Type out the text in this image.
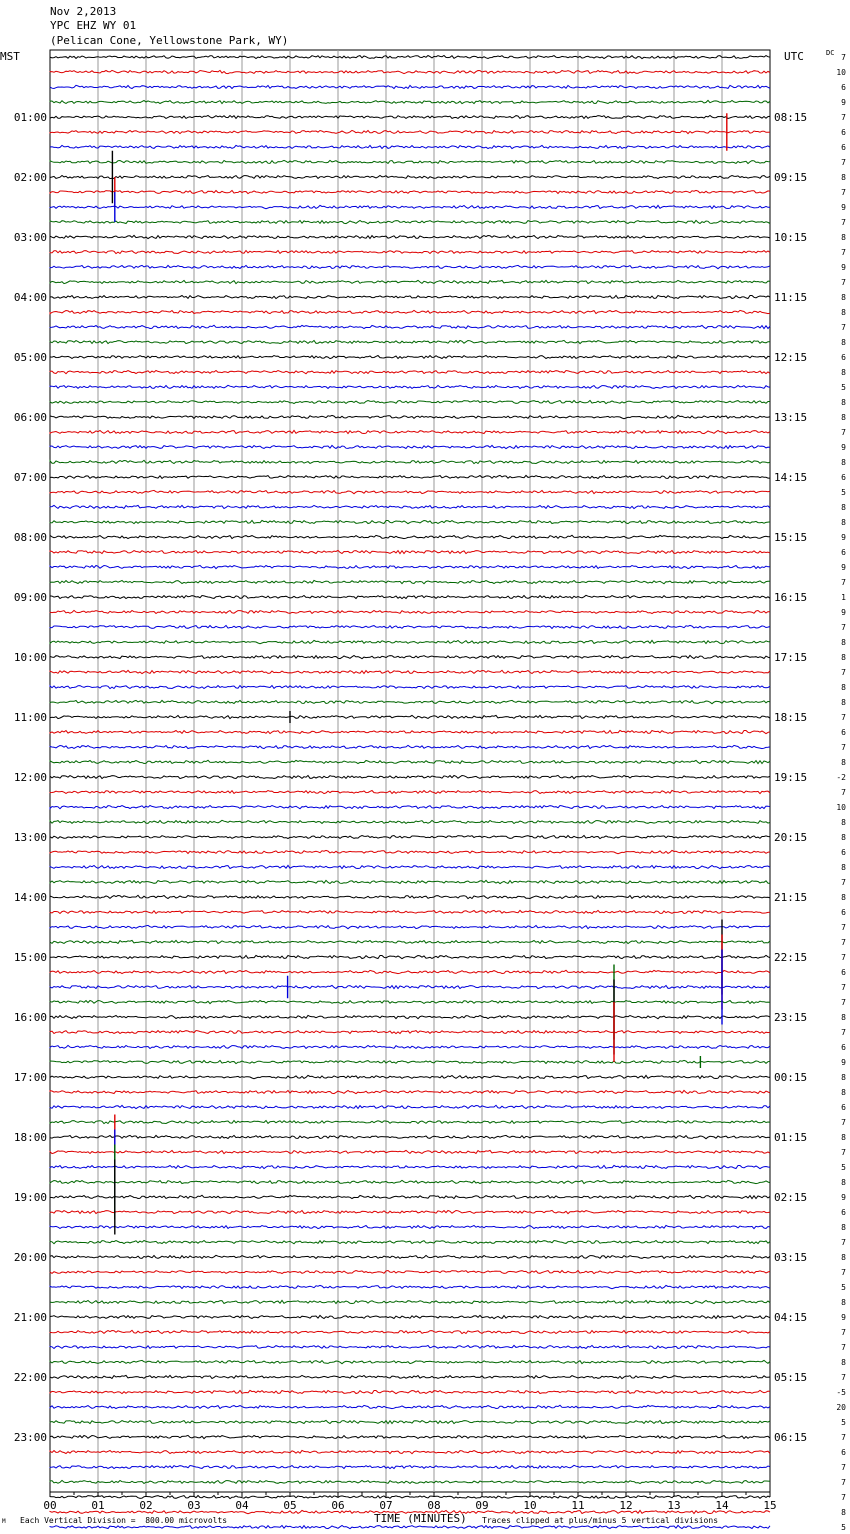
Nov 2,2013
YPC EHZ WY 01
(Pelican Cone, Yellowstone Park, WY)
MST	UTC	DC
01:00
02:00
03:00
04:00
05:00
06:00
07:00
08:00
09:00
10:00
11:00
12:00
13:00
14:00
15:00
16:00
17:00
18:00
19:00
20:00
21:00
22:00
23:00
08:15
09:15
10:15
11:15
12:15
13:15
14:15
15:15
16:15
17:15
18:15
19:15
20:15
21:15
22:15
23:15
00:15
01:15
02:15
03:15
04:15
05:15
06:15
7
10
6
9
7
6
6
7
8
7
9
7
8
7
9
7
8
8
7
8
6
8
5
8
8
7
9
8
6
5
8
8
9
6
9
7
1
9
7
8
8
7
8
8
7
6
7
8
-2
7
10
8
8
6
8
7
8
6
7
7
7
6
7
7
8
7
6
9
8
8
6
7
8
7
5
8
9
6
8
7
8
7
5
8
9
7
7
8
7
-5
20
5
7
6
7
7
7
8
5
00	01	02	03	04	05	06	07	08	09	10	11	12	13	14	15
M Each Vertical Division =  800.00 microvolts	TIME (MINUTES) Traces clipped at plus/minus 5 vertical divisions
